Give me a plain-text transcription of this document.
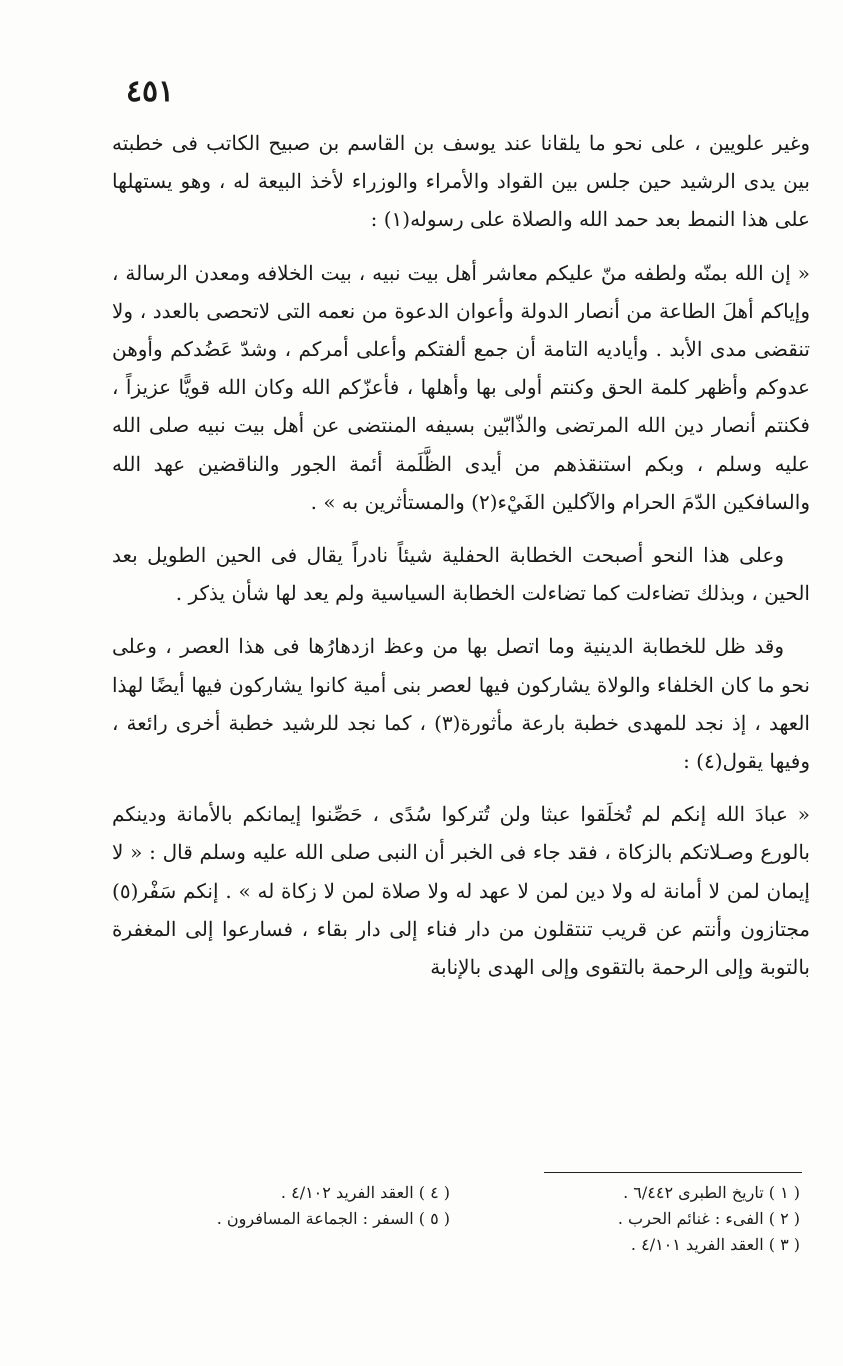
٤٥١

وغير علويين ، على نحو ما يلقانا عند يوسف بن القاسم بن صبيح الكاتب فى خطبته بين يدى الرشيد حين جلس بين القواد والأمراء والوزراء لأخذ البيعة له ، وهو يستهلها على هذا النمط بعد حمد الله والصلاة على رسوله(١) :

« إن الله بمنّه ولطفه منّ عليكم معاشر أهل بيت نبيه ، بيت الخلافه ومعدن الرسالة ، وإياكم أهلَ الطاعة من أنصار الدولة وأعوان الدعوة من نعمه التى لاتحصى بالعدد ، ولا تنقضى مدى الأبد . وأياديه التامة أن جمع ألفتكم وأعلى أمركم ، وشدّ عَضُدكم وأوهن عدوكم وأظهر كلمة الحق وكنتم أولى بها وأهلها ، فأعزّكم الله وكان الله قويًّا عزيزاً ، فكنتم أنصار دين الله المرتضى والذّابّين بسيفه المنتضى عن أهل بيت نبيه صلى الله عليه وسلم ، وبكم استنقذهم من أيدى الظَّلَمة أئمة الجور والناقضين عهد الله والسافكين الدّمَ الحرام والآكلين الفَيْء(٢) والمستأثرين به » .

وعلى هذا النحو أصبحت الخطابة الحفلية شيئاً نادراً يقال فى الحين الطويل بعد الحين ، وبذلك تضاءلت كما تضاءلت الخطابة السياسية ولم يعد لها شأن يذكر .

وقد ظل للخطابة الدينية وما اتصل بها من وعظ ازدهارُها فى هذا العصر ، وعلى نحو ما كان الخلفاء والولاة يشاركون فيها لعصر بنى أمية كانوا يشاركون فيها أيضًا لهذا العهد ، إذ نجد للمهدى خطبة بارعة مأثورة(٣) ، كما نجد للرشيد خطبة أخرى رائعة ، وفيها يقول(٤) :

« عبادَ الله إنكم لم تُخلَقوا عبثا ولن تُتركوا سُدًى ، حَصِّنوا إيمانكم بالأمانة ودينكم بالورع وصـلاتكم بالزكاة ، فقد جاء فى الخبر أن النبى صلى الله عليه وسلم قال : « لا إيمان لمن لا أمانة له ولا دين لمن لا عهد له ولا صلاة لمن لا زكاة له » . إنكم سَفْر(٥) مجتازون وأنتم عن قريب تنتقلون من دار فناء إلى دار بقاء ، فسارعوا إلى المغفرة بالتوبة وإلى الرحمة بالتقوى وإلى الهدى بالإنابة

( ١ ) تاريخ الطبرى ٦/٤٤٢ .
( ٢ ) الفىء : غنائم الحرب .
( ٣ ) العقد الفريد ٤/١٠١ .
( ٤ ) العقد الفريد ٤/١٠٢ .
( ٥ ) السفر : الجماعة المسافرون .
